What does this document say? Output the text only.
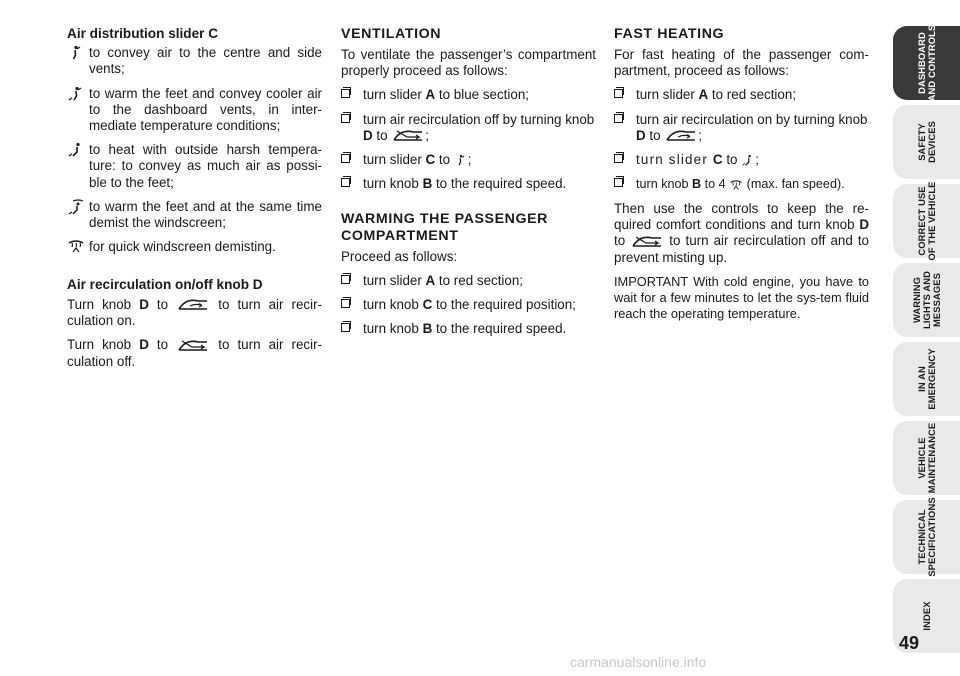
Air distribution slider C
to convey air to the centre and side vents;
to warm the feet and convey cooler air to the dashboard vents, in inter-mediate temperature conditions;
to heat with outside harsh tempera-ture: to convey as much air as possi-ble to the feet;
to warm the feet and at the same time demist the windscreen;
for quick windscreen demisting.
Air recirculation on/off knob D

Turn knob D to	to turn air recir-culation on.

Turn knob D to	to turn air recir-culation off.

VENTILATION

To ventilate the passenger’s compartment properly proceed as follows:

turn slider A to blue section;
turn air recirculation off by turning knob D to	;
turn slider C to ;
turn knob B to the required speed.
WARMING THE PASSENGER COMPARTMENT

Proceed as follows:

turn slider A to red section;
turn knob C to the required position;
turn knob B to the required speed.
FAST HEATING

For fast heating of the passenger com-partment, proceed as follows:

turn slider A to red section;
turn air recirculation on by turning knob D to	;
turn slider C to ;
turn knob B to 4  (max. fan speed).

Then use the controls to keep the re-quired comfort conditions and turn knob D to	to turn air recirculation off and to prevent misting up.

IMPORTANT With cold engine, you have to wait for a few minutes to let the sys-tem fluid reach the operating temperature.

DASHBOARD
AND CONTROLS
SAFETY
DEVICES
CORRECT USE
OF THE VEHICLE
WARNING
LIGHTS AND
MESSAGES
IN AN
EMERGENCY
VEHICLE
MAINTENANCE
TECHNICAL
SPECIFICATIONS
INDEX
49
carmanualsonline.info
